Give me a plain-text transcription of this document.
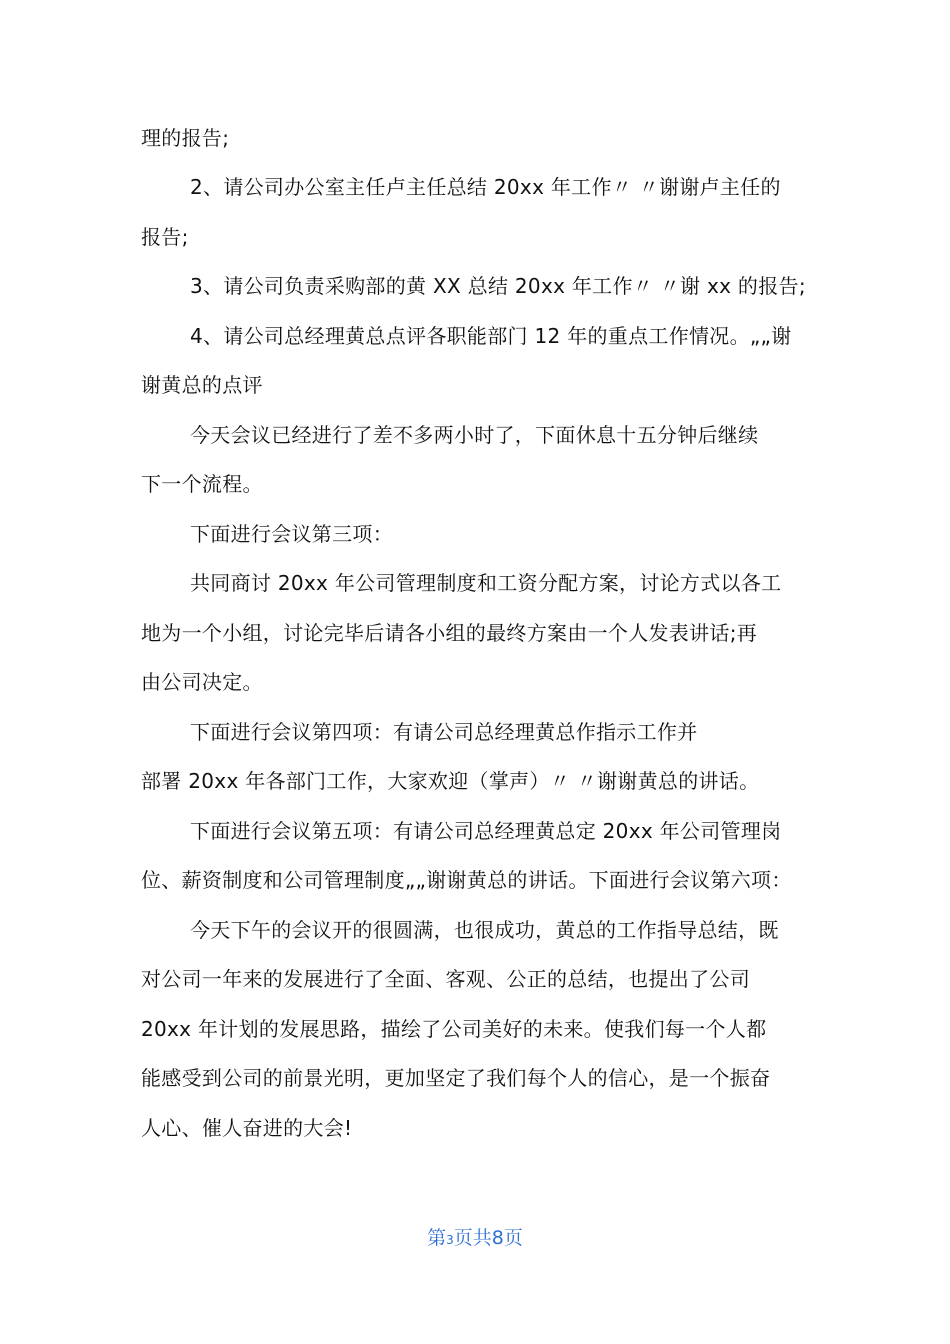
理的报告;
2、请公司办公室主任卢主任总结 20xx 年工作〃 〃谢谢卢主任的
报告;
3、请公司负责采购部的黄 XX 总结 20xx 年工作〃 〃谢 xx 的报告;
4、请公司总经理黄总点评各职能部门 12 年的重点工作情况。„„谢
谢黄总的点评
今天会议已经进行了差不多两小时了，下面休息十五分钟后继续
下一个流程。
下面进行会议第三项：
共同商讨 20xx 年公司管理制度和工资分配方案，讨论方式以各工
地为一个小组，讨论完毕后请各小组的最终方案由一个人发表讲话;再
由公司决定。
下面进行会议第四项：有请公司总经理黄总作指示工作并
部署 20xx 年各部门工作，大家欢迎（掌声）〃 〃谢谢黄总的讲话。
下面进行会议第五项：有请公司总经理黄总定 20xx 年公司管理岗
位、薪资制度和公司管理制度„„谢谢黄总的讲话。下面进行会议第六项：
今天下午的会议开的很圆满，也很成功，黄总的工作指导总结，既
对公司一年来的发展进行了全面、客观、公正的总结，也提出了公司
20xx 年计划的发展思路，描绘了公司美好的未来。使我们每一个人都
能感受到公司的前景光明，更加坚定了我们每个人的信心，是一个振奋
人心、催人奋进的大会!
第3页共8页
